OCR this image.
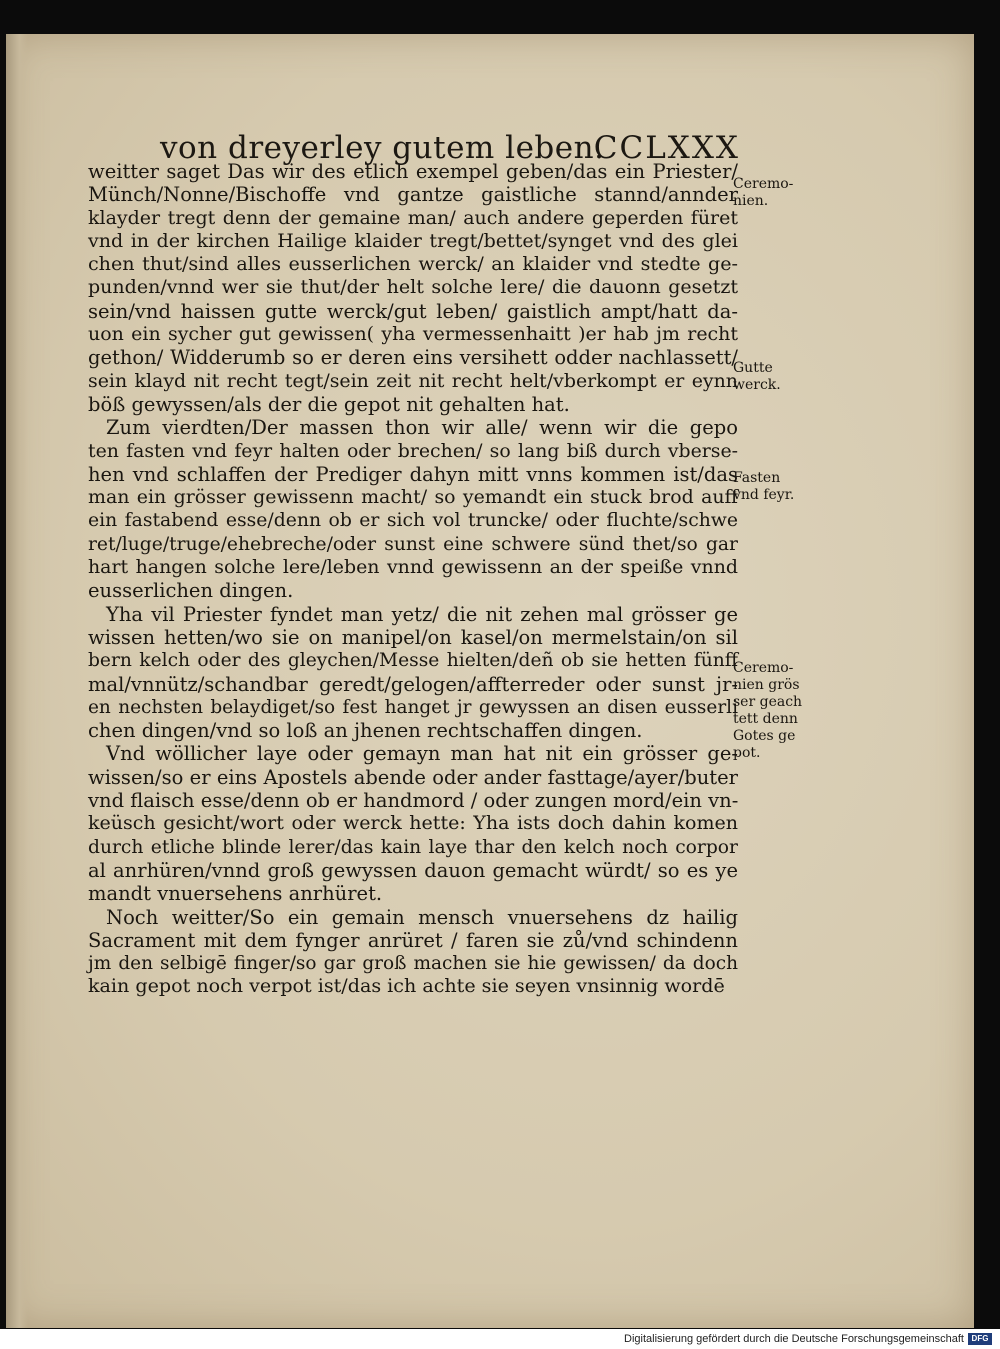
von dreyerley gutem leben.
CCLXXX
weitter saget Das wir des etlich exempel geben/das ein Priester/
Münch/Nonne/Bischoffe vnd gantze gaistliche stannd/annder
klayder tregt denn der gemaine man/ auch andere geperden füret
vnd in der kirchen Hailige klaider tregt/bettet/synget vnd des glei
chen thut/sind alles eusserlichen werck/ an klaider vnd stedte ge-
punden/vnnd wer sie thut/der helt solche lere/ die dauonn gesetzt
sein/vnd haissen gutte werck/gut leben/ gaistlich ampt/hatt da-
uon ein sycher gut gewissen( yha vermessenhaitt )er hab jm recht
gethon/ Widderumb so er deren eins versihett odder nachlassett/
sein klayd nit recht tegt/sein zeit nit recht helt/vberkompt er eynn
böß gewyssen/als der die gepot nit gehalten hat.
Zum vierdten/Der massen thon wir alle/ wenn wir die gepo
ten fasten vnd feyr halten oder brechen/ so lang biß durch vberse-
hen vnd schlaffen der Prediger dahyn mitt vnns kommen ist/das
man ein grösser gewissenn macht/ so yemandt ein stuck brod auff
ein fastabend esse/denn ob er sich vol truncke/ oder fluchte/schwe
ret/luge/truge/ehebreche/oder sunst eine schwere sünd thet/so gar
hart hangen solche lere/leben vnnd gewissenn an der speiße vnnd
eusserlichen dingen.
Yha vil Priester fyndet man yetz/ die nit zehen mal grösser ge
wissen hetten/wo sie on manipel/on kasel/on mermelstain/on sil
bern kelch oder des gleychen/Messe hielten/deñ ob sie hetten fünff
mal/vnnütz/schandbar geredt/gelogen/affterreder oder sunst jr-
en nechsten belaydiget/so fest hanget jr gewyssen an disen eusserli
chen dingen/vnd so loß an jhenen rechtschaffen dingen.
Vnd wöllicher laye oder gemayn man hat nit ein grösser ge-
wissen/so er eins Apostels abende oder ander fasttage/ayer/buter
vnd flaisch esse/denn ob er handmord / oder zungen mord/ein vn-
keüsch gesicht/wort oder werck hette: Yha ists doch dahin komen
durch etliche blinde lerer/das kain laye thar den kelch noch corpor
al anrhüren/vnnd groß gewyssen dauon gemacht würdt/ so es ye
mandt vnuersehens anrhüret.
Noch weitter/So ein gemain mensch vnuersehens dz hailig
Sacrament mit dem fynger anrüret / faren sie zů/vnd schindenn
jm den selbigē finger/so gar groß machen sie hie gewissen/ da doch
kain gepot noch verpot ist/das ich achte sie seyen vnsinnig wordē
Ceremo-
nien.
Gutte
werck.
Fasten
vnd feyr.
Ceremo-
nien grös
ser geach
tett denn
Gotes ge
pot.
Digitalisierung gefördert durch die Deutsche Forschungsgemeinschaft DFG
